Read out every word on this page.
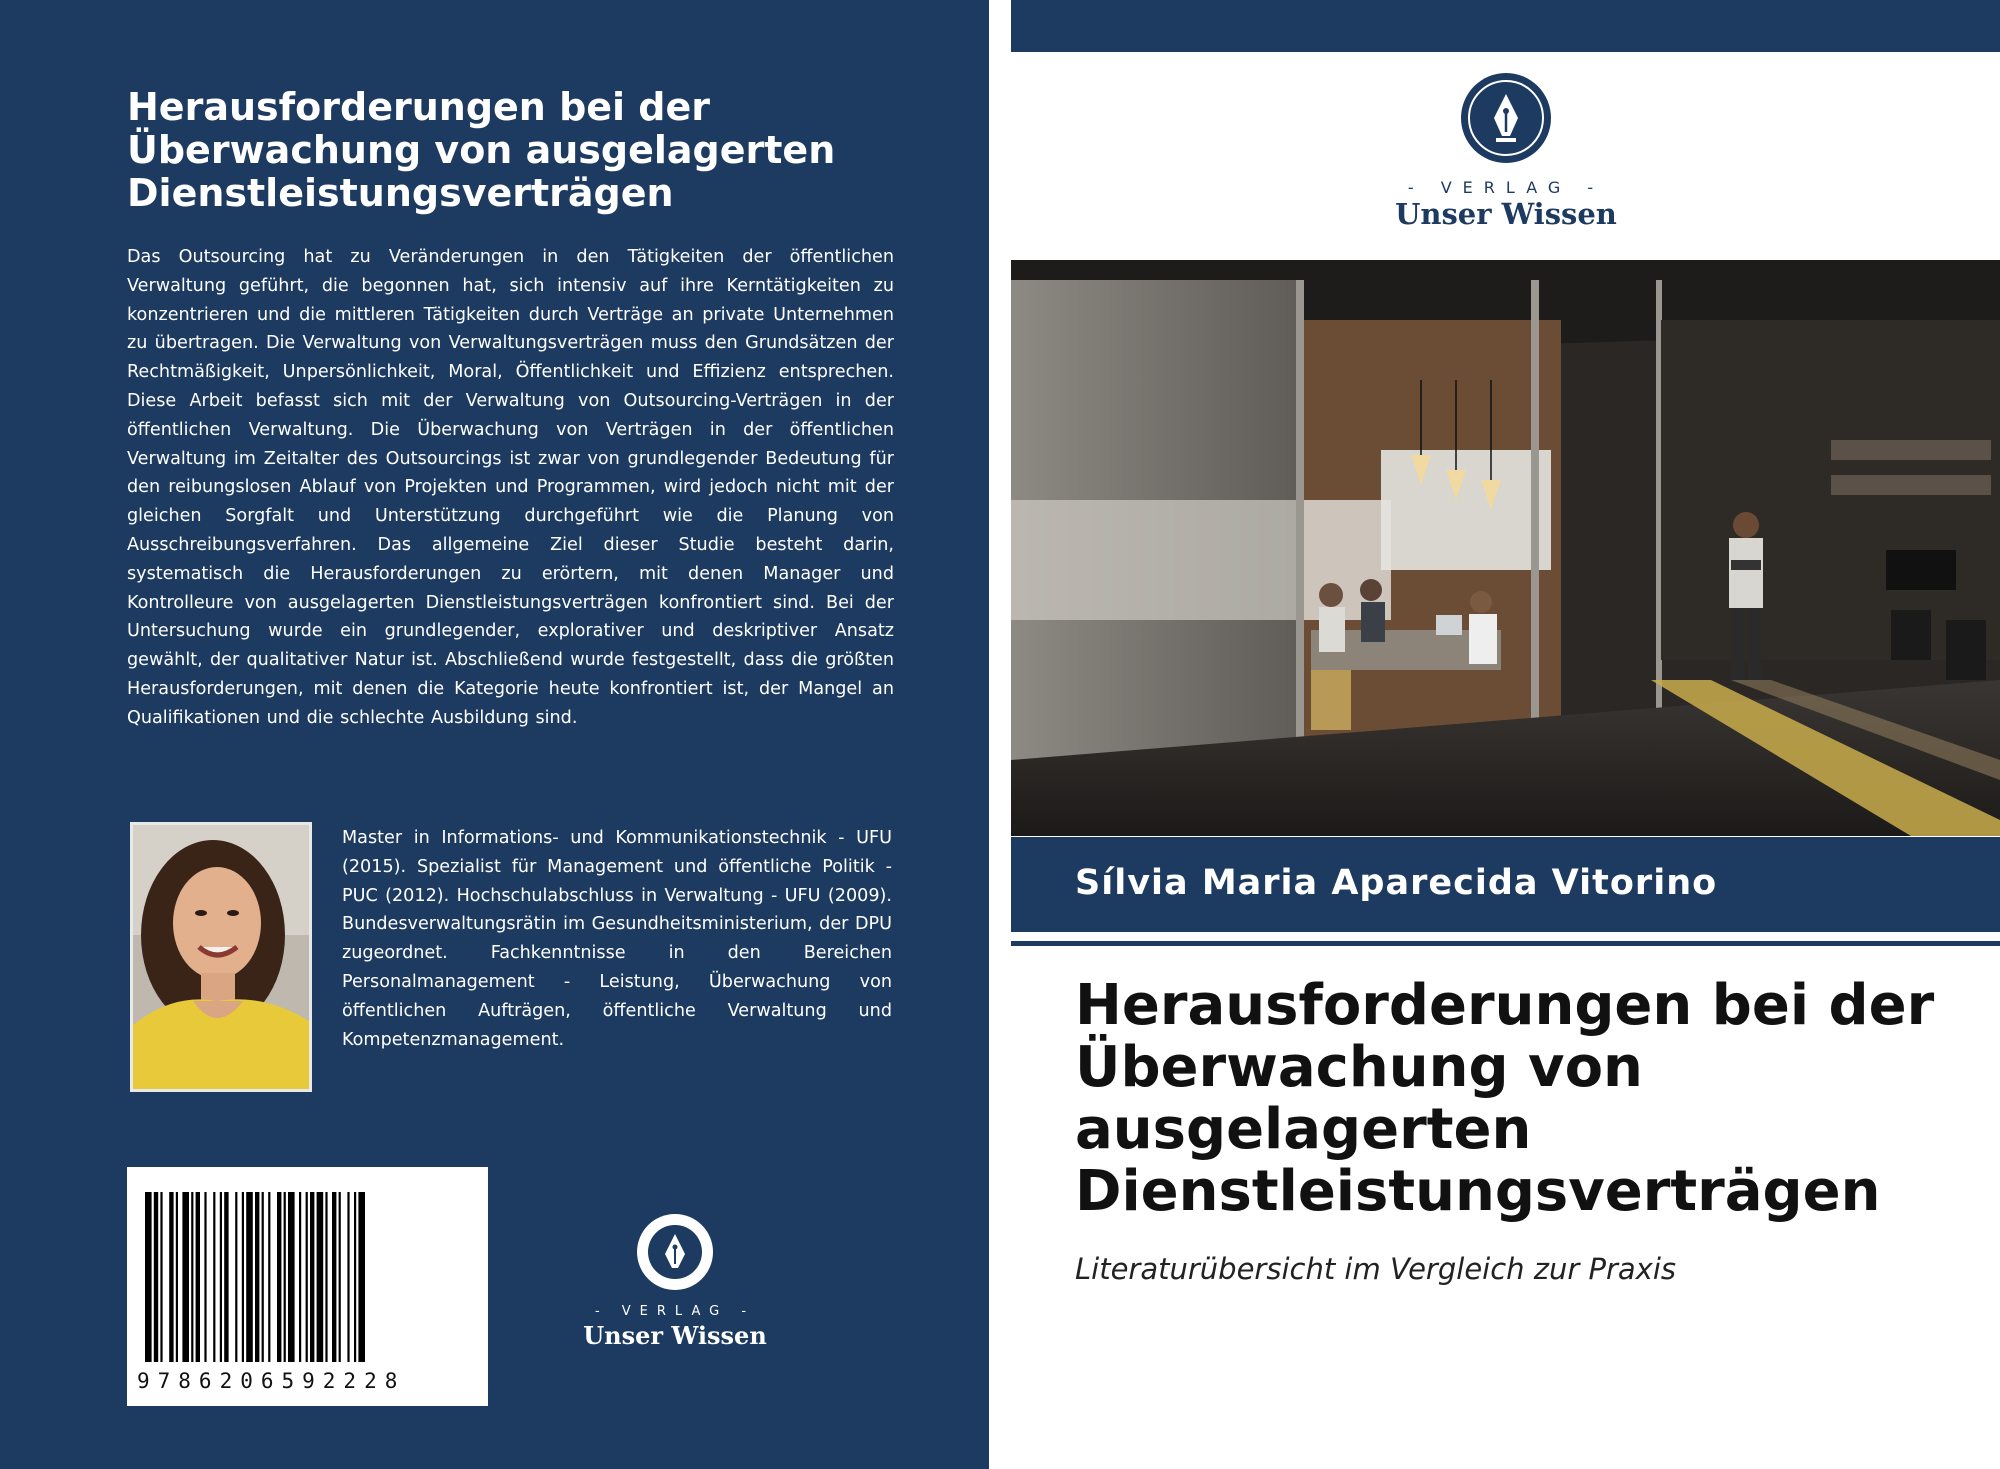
Herausforderungen bei der Überwachung von ausgelagerten Dienstleistungsverträgen

Das Outsourcing hat zu Veränderungen in den Tätigkeiten der öffentlichen Verwaltung geführt, die begonnen hat, sich intensiv auf ihre Kerntätigkeiten zu konzentrieren und die mittleren Tätigkeiten durch Verträge an private Unternehmen zu übertragen. Die Verwaltung von Verwaltungsverträgen muss den Grundsätzen der Rechtmäßigkeit, Unpersönlichkeit, Moral, Öffentlichkeit und Effizienz entsprechen. Diese Arbeit befasst sich mit der Verwaltung von Outsourcing-Verträgen in der öffentlichen Verwaltung. Die Überwachung von Verträgen in der öffentlichen Verwaltung im Zeitalter des Outsourcings ist zwar von grundlegender Bedeutung für den reibungslosen Ablauf von Projekten und Programmen, wird jedoch nicht mit der gleichen Sorgfalt und Unterstützung durchgeführt wie die Planung von Ausschreibungsverfahren. Das allgemeine Ziel dieser Studie besteht darin, systematisch die Herausforderungen zu erörtern, mit denen Manager und Kontrolleure von ausgelagerten Dienstleistungsverträgen konfrontiert sind. Bei der Untersuchung wurde ein grundlegender, explorativer und deskriptiver Ansatz gewählt, der qualitativer Natur ist. Abschließend wurde festgestellt, dass die größten Herausforderungen, mit denen die Kategorie heute konfrontiert ist, der Mangel an Qualifikationen und die schlechte Ausbildung sind.

Master in Informations- und Kommunikationstechnik - UFU (2015). Spezialist für Management und öffentliche Politik - PUC (2012). Hochschulabschluss in Verwaltung - UFU (2009). Bundesverwaltungsrätin im Gesundheitsministerium, der DPU zugeordnet. Fachkenntnisse in den Bereichen Personalmanagement - Leistung, Überwachung von öffentlichen Aufträgen, öffentliche Verwaltung und Kompetenzmanagement.

9786206592228
- VERLAG -
Unser Wissen
- VERLAG -
Unser Wissen
Sílvia Maria Aparecida Vitorino
Herausforderungen bei der Überwachung von ausgelagerten Dienstleistungsverträgen

Literaturübersicht im Vergleich zur Praxis
